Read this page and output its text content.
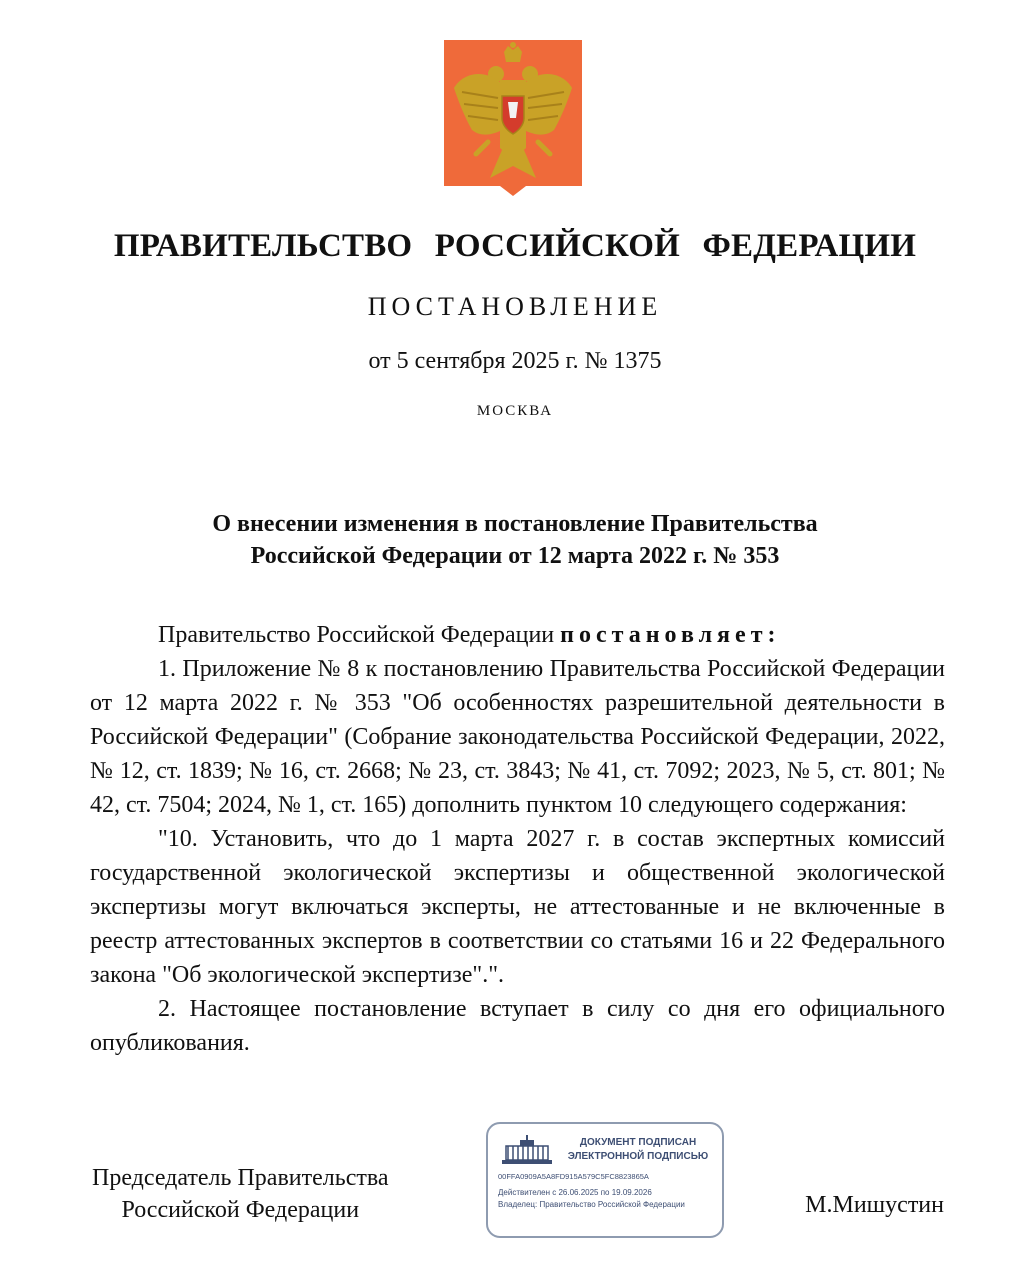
ПРАВИТЕЛЬСТВО РОССИЙСКОЙ ФЕДЕРАЦИИ
ПОСТАНОВЛЕНИЕ
от 5 сентября 2025 г. № 1375
МОСКВА
О внесении изменения в постановление Правительства
Российской Федерации от 12 марта 2022 г. № 353

Правительство Российской Федерации постановляет:

1. Приложение № 8 к постановлению Правительства Российской Федерации от 12 марта 2022 г. № 353 "Об особенностях разрешительной деятельности в Российской Федерации" (Собрание законодательства Российской Федерации, 2022, № 12, ст. 1839; № 16, ст. 2668; № 23, ст. 3843; № 41, ст. 7092; 2023, № 5, ст. 801; № 42, ст. 7504; 2024, № 1, ст. 165) дополнить пунктом 10 следующего содержания:

"10. Установить, что до 1 марта 2027 г. в состав экспертных комиссий государственной экологической экспертизы и общественной экологической экспертизы могут включаться эксперты, не аттестованные и не включенные в реестр аттестованных экспертов в соответствии со статьями 16 и 22 Федерального закона "Об экологической экспертизе".".

2. Настоящее постановление вступает в силу со дня его официального опубликования.

Председатель Правительства
Российской Федерации
ДОКУМЕНТ ПОДПИСАН
ЭЛЕКТРОННОЙ ПОДПИСЬЮ
00FFA0909A5A8FD915A579C5FC8823865A
Действителен с 26.06.2025 по 19.09.2026
Владелец: Правительство Российской Федерации	М.Мишустин
